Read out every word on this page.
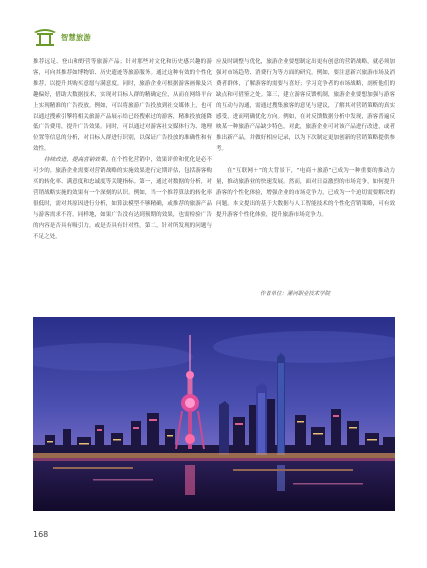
智慧旅游

推荐远足、登山和野营等旅游产品；针对那些对文化和历史感兴趣的游客，可向其推荐如博物馆、历史遗迹等旅游服务。通过这种有效的个性化推荐，以提升其购买意愿与满意度。同时，旅游企业可根据游客画像及兴趣偏好，借助大数据技术，实现对目标人群的精确定位，从而在网络平台上实现精准的广告投放。例如，可以将旅游广告投放到社交媒体上，也可以通过搜索引擎将相关旅游产品展示给已经搜索过的游客，精准投放能降低广告费用，提升广告效果。同时，可以通过对游客社交媒体行为、地理位置等信息的分析，对目标人群进行识别，以保证广告投放的准确性和有效性。

持续改进，提高营销效果。在个性化营销中，效果评价和优化是必不可少的。旅游企业需要对营销战略的实施效果进行定期评估，包括游客购买的转化率、满意度和忠诚度等关键指标。第一，通过对数据的分析，对营销战略实施的效果有一个深刻的认识。例如，当一个推荐算法的转化率很低时，需对其原因进行分析，如算法模型不够精确，或推荐的旅游产品与游客需求不符。同样地，如果广告没有达到预期的效果，也需检验广告的内容是否具有吸引力，或是否具有针对性。第二，针对所发现的问题与不足之处，

应及时调整与优化，旅游企业要想制定出更有创意的营销战略，就必须加强对市场趋势、消费行为等方面的研究。例如，要注意新兴旅游市场及消费者群体，了解游客的需要与喜好；学习竞争者的市场战略，剖析他们的缺点和可借鉴之处。第三，建立游客反馈机制，旅游企业要想加强与游客的互动与沟通，需通过搜集旅客的意见与建议，了解其对营销策略的真实感受，进而明确优化方向。例如，在对反馈数据分析中发现，游客普遍反映某一种旅游产品缺少特色，对此，旅游企业可对该产品进行改进，或者推出新产品，并做好相应记录，以为下次制定更加创新的营销策略提供参考。

在“互联网＋”的大背景下，“电商＋旅游”已成为一种重要的推动力量，推动旅游业的快速发展。然而，面对日益激烈的市场竞争，如何提升游客的个性化体验，增强企业的市场竞争力，已成为一个迫切需要解决的问题。本文提出的基于大数据与人工智能技术的个性化营销策略，可有效提升游客个性化体验，提升旅游市场竞争力。

作者单位：漯河职业技术学院
168
